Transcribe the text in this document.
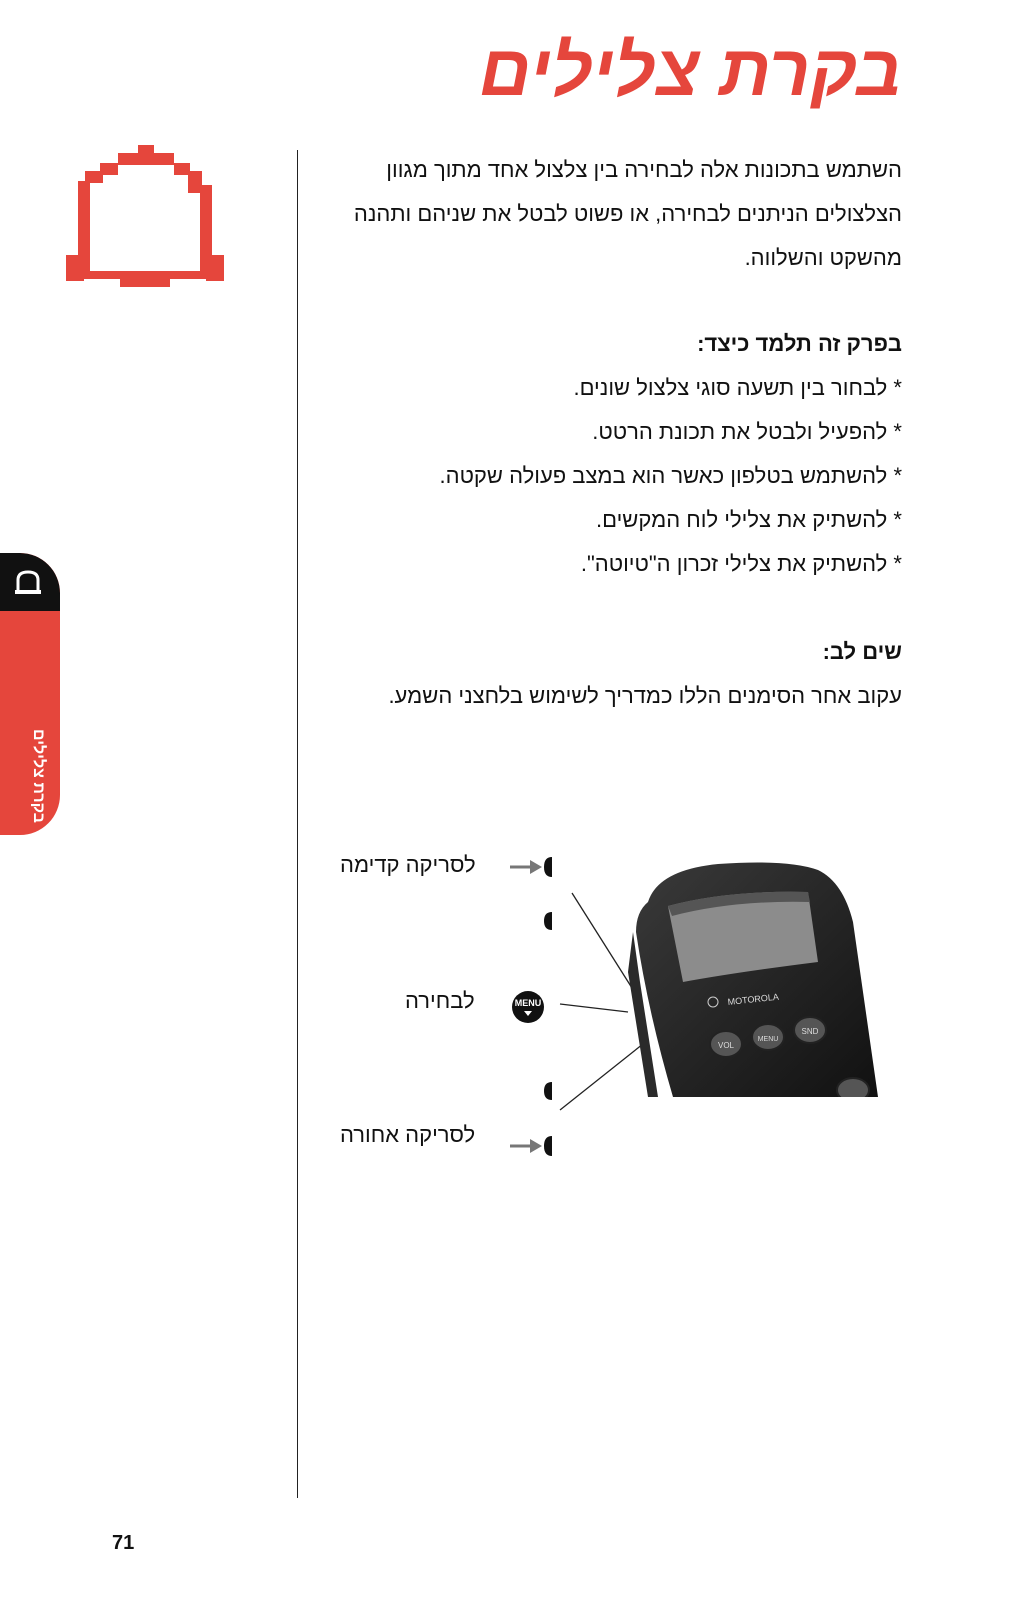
בקרת צלילים
בקרת צלילים
השתמש בתכונות אלה לבחירה בין צלצול אחד מתוך מגוון
הצלצולים הניתנים לבחירה, או פשוט לבטל את שניהם ותהנה
מהשקט והשלווה.

בפרק זה תלמד כיצד:

* לבחור בין תשעה סוגי צלצול שונים.
* להפעיל ולבטל את תכונת הרטט.
* להשתמש בטלפון כאשר הוא במצב פעולה שקטה.
* להשתיק את צלילי לוח המקשים.
* להשתיק את צלילי זכרון ה"טיוטה".

שים לב:

עקוב אחר הסימנים הללו כמדריך לשימוש בלחצני השמע.
לסריקה קדימה
לבחירה
לסריקה אחורה
MENU	MOTOROLA
VOL
MENU
SND
71
